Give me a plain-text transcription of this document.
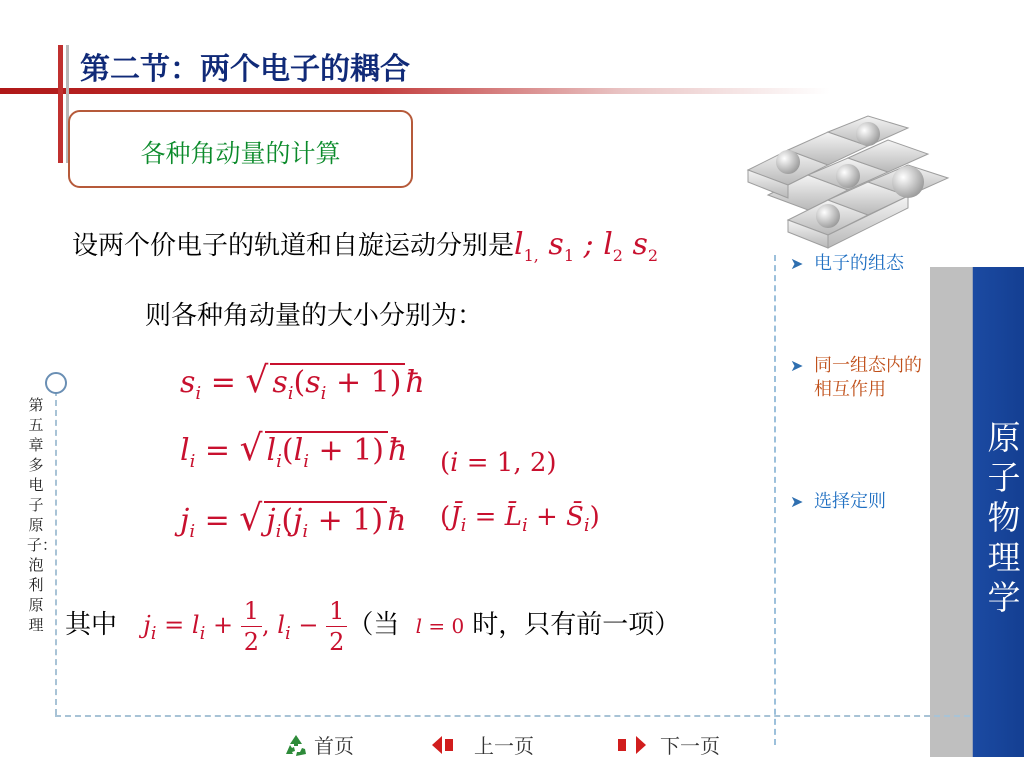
第二节：两个电子的耦合
各种角动量的计算
原子物理学
第五章多电子原子：泡利原理
➤ 电子的组态
➤ 同一组态内的相互作用
➤ 选择定则
设两个价电子的轨道和自旋运动分别是$l_{1,}$ $s_1$ ; $l_2$ $s_2$
则各种角动量的大小分别为：
$s_i$ = √ $s_i(s_i + 1)$ ħ
$l_i$ = √ $l_i(l_i + 1)$ ħ (i = 1, 2)
$j_i$ = √ $j_i(j_i + 1)$ ħ ($J̄_i$ = $L̄_i$ + $S̄_i$)
其中 $j_i = l_i + \frac{1}{2}$ , $l_i - \frac{1}{2}$ （当 l = 0 时，只有前一项）
首页	上一页	下一页
